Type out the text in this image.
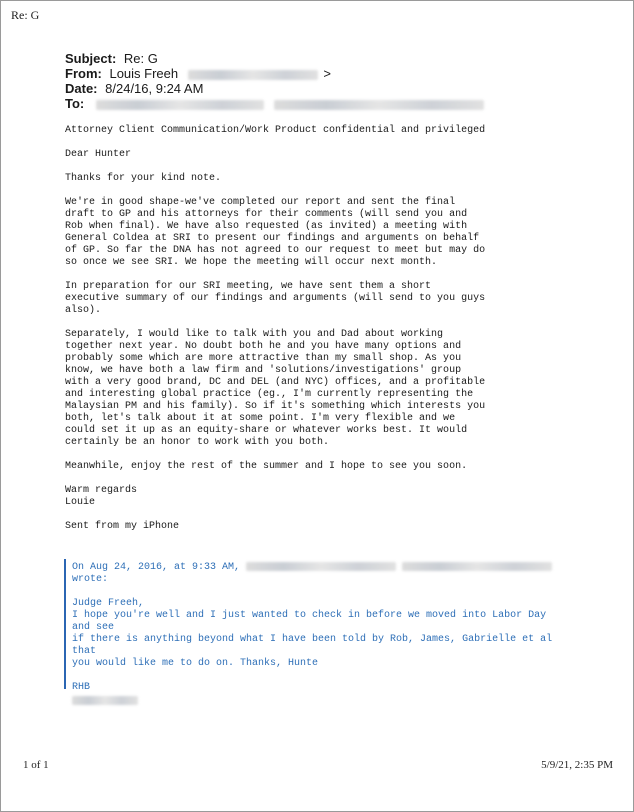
Re: G
Subject: Re: G
From: Louis Freeh	>
Date: 8/24/16, 9:24 AM
To:

Attorney Client Communication/Work Product confidential and privileged

Dear Hunter

Thanks for your kind note.

We're in good shape-we've completed our report and sent the final
draft to GP and his attorneys for their comments (will send you and
Rob when final). We have also requested (as invited) a meeting with
General Coldea at SRI to present our findings and arguments on behalf
of GP. So far the DNA has not agreed to our request to meet but may do
so once we see SRI. We hope the meeting will occur next month.

In preparation for our SRI meeting, we have sent them a short
executive summary of our findings and arguments (will send to you guys
also).

Separately, I would like to talk with you and Dad about working
together next year. No doubt both he and you have many options and
probably some which are more attractive than my small shop. As you
know, we have both a law firm and 'solutions/investigations' group
with a very good brand, DC and DEL (and NYC) offices, and a profitable
and interesting global practice (eg., I'm currently representing the
Malaysian PM and his family). So if it's something which interests you
both, let's talk about it at some point. I'm very flexible and we
could set it up as an equity-share or whatever works best. It would
certainly be an honor to work with you both.

Meanwhile, enjoy the rest of the summer and I hope to see you soon.

Warm regards
Louie

Sent from my iPhone

On Aug 24, 2016, at 9:33 AM,
wrote:
Judge Freeh,
I hope you're well and I just wanted to check in before we moved into Labor Day and see
if there is anything beyond what I have been told by Rob, James, Gabrielle et al that
you would like me to do on. Thanks, Hunte
RHB
1 of 1	5/9/21, 2:35 PM
